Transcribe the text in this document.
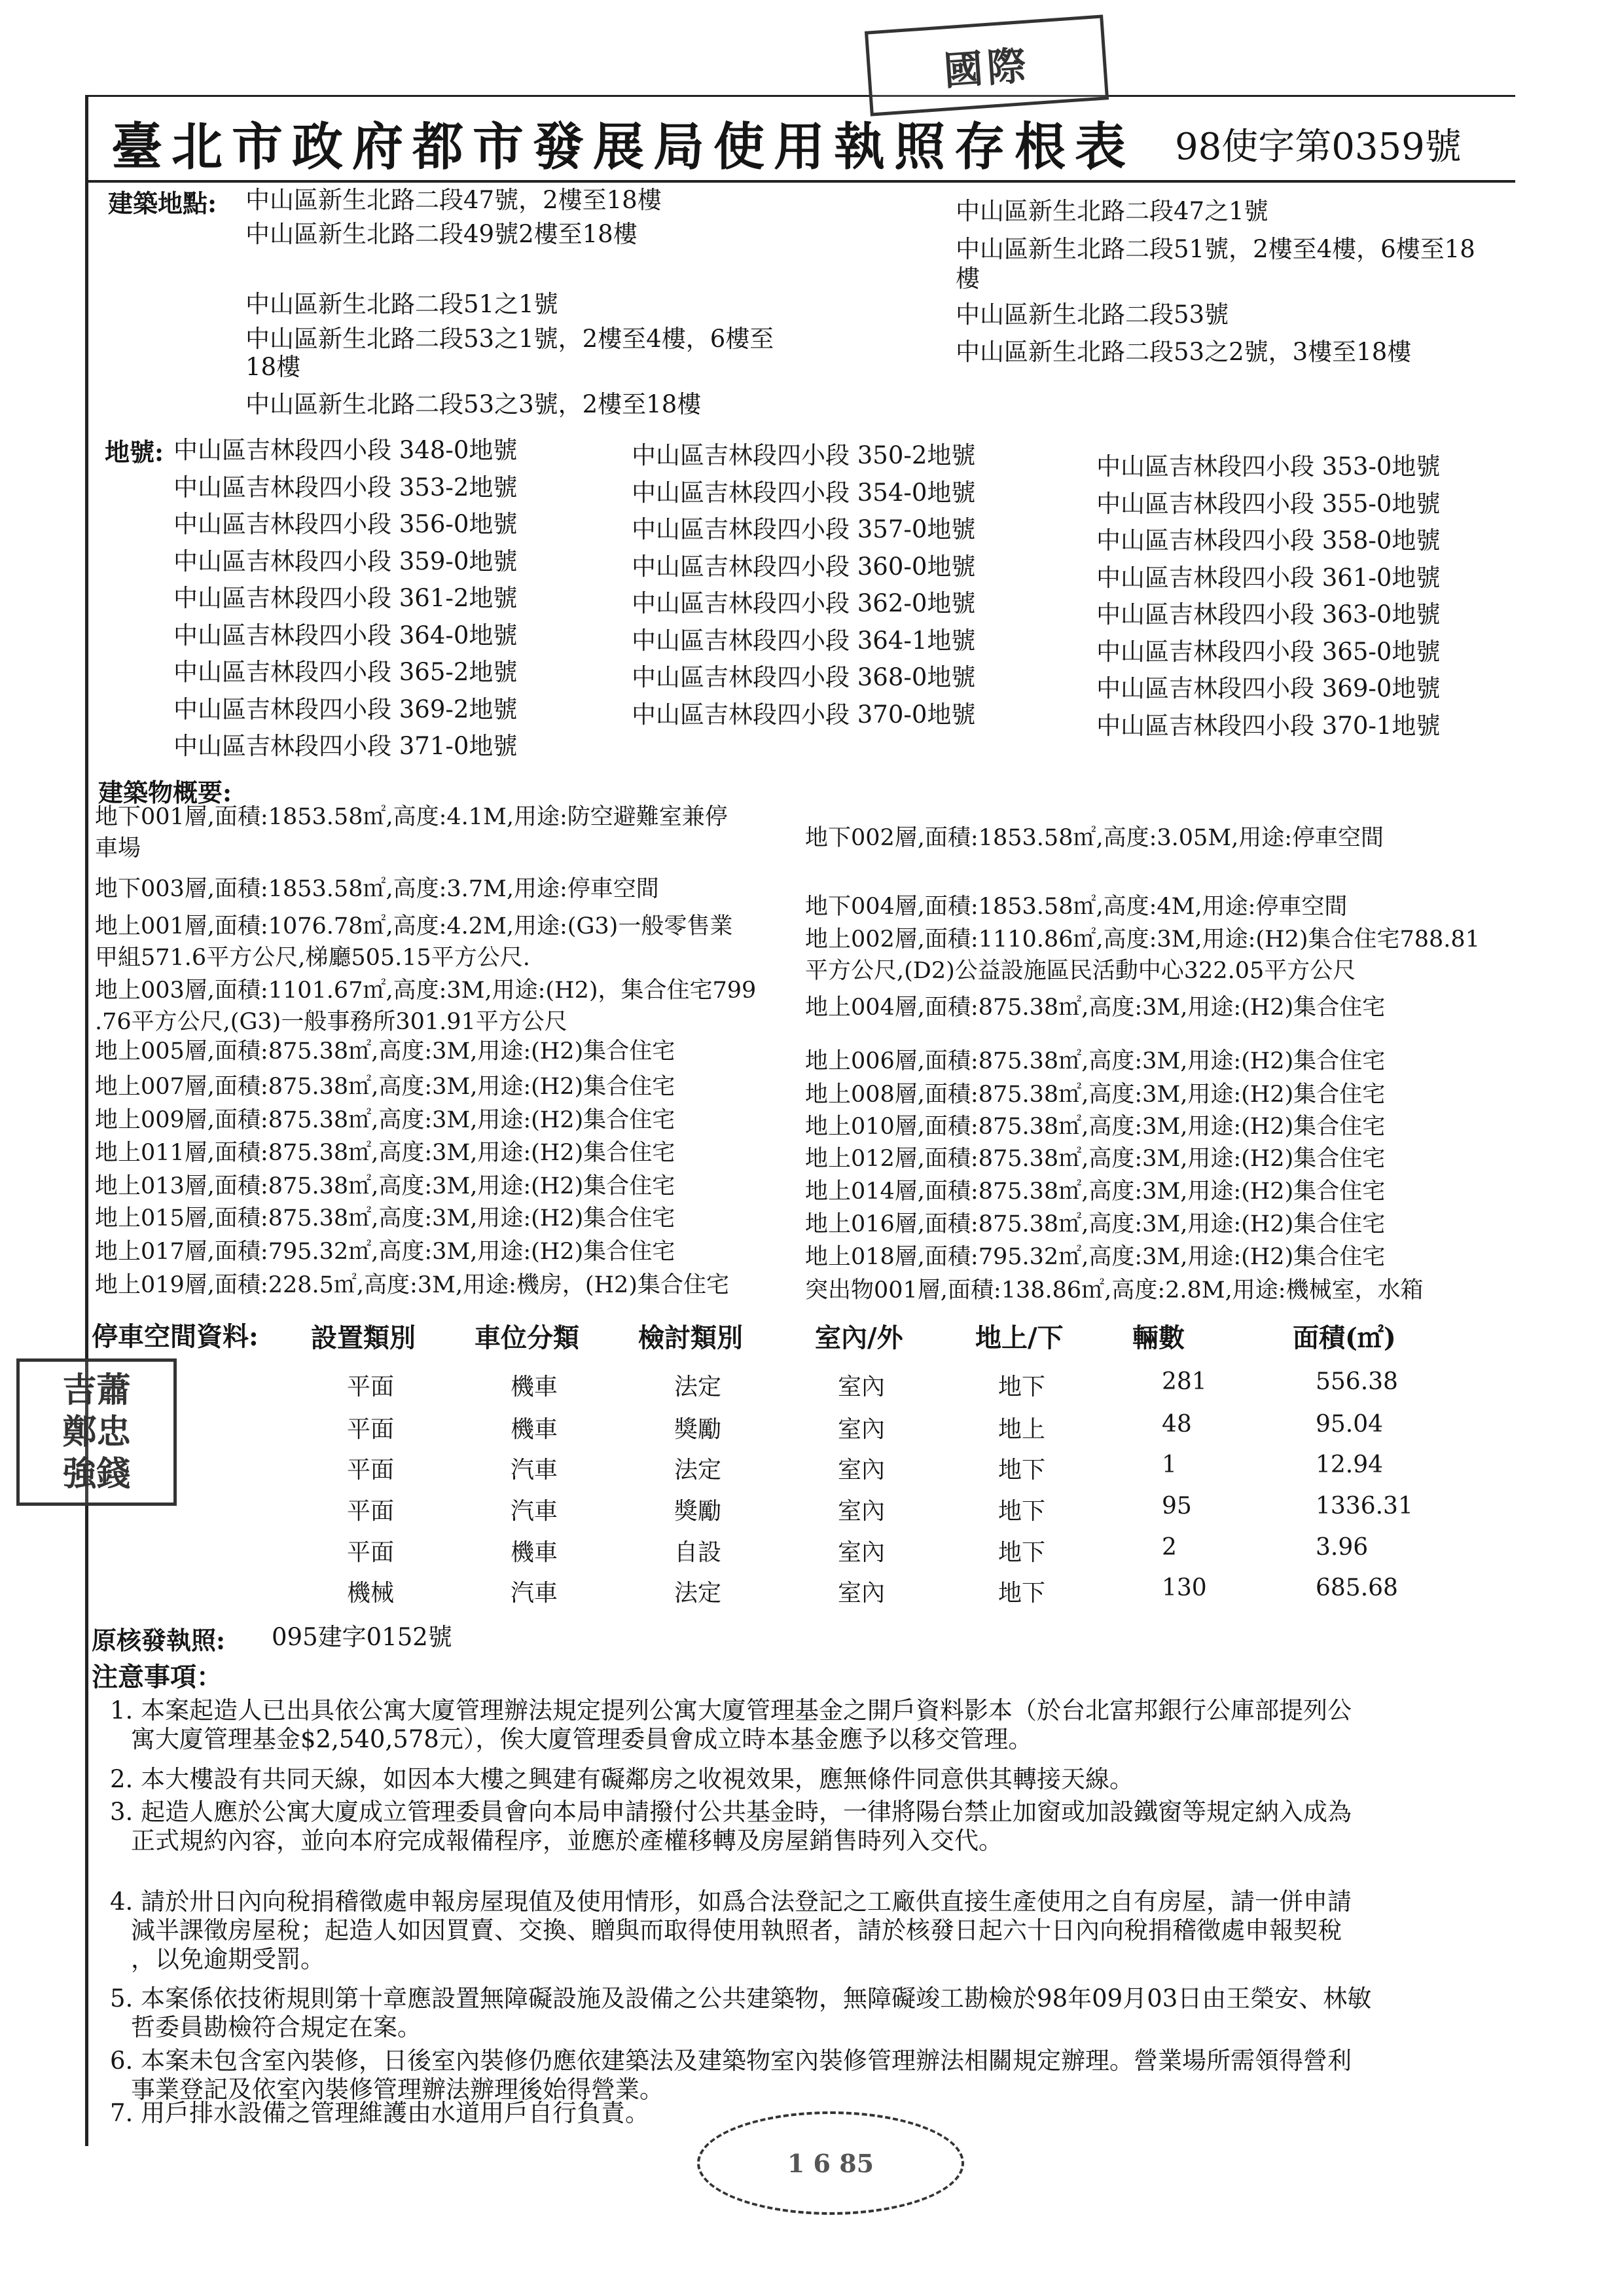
臺北市政府都市發展局使用執照存根表 98使字第0359號
國際
吉蕭
鄭忠
強錢
1 6 85
建築地點: 中山區新生北路二段47號，2樓至18樓
中山區新生北路二段49號2樓至18樓
中山區新生北路二段51之1號
中山區新生北路二段53之1號，2樓至4樓，6樓至
18樓
中山區新生北路二段53之3號，2樓至18樓
中山區新生北路二段47之1號
中山區新生北路二段51號，2樓至4樓，6樓至18
樓
中山區新生北路二段53號
中山區新生北路二段53之2號，3樓至18樓
地號: 中山區吉林段四小段 348-0地號
中山區吉林段四小段 353-2地號
中山區吉林段四小段 356-0地號
中山區吉林段四小段 359-0地號
中山區吉林段四小段 361-2地號
中山區吉林段四小段 364-0地號
中山區吉林段四小段 365-2地號
中山區吉林段四小段 369-2地號
中山區吉林段四小段 371-0地號
中山區吉林段四小段 350-2地號
中山區吉林段四小段 354-0地號
中山區吉林段四小段 357-0地號
中山區吉林段四小段 360-0地號
中山區吉林段四小段 362-0地號
中山區吉林段四小段 364-1地號
中山區吉林段四小段 368-0地號
中山區吉林段四小段 370-0地號
中山區吉林段四小段 353-0地號
中山區吉林段四小段 355-0地號
中山區吉林段四小段 358-0地號
中山區吉林段四小段 361-0地號
中山區吉林段四小段 363-0地號
中山區吉林段四小段 365-0地號
中山區吉林段四小段 369-0地號
中山區吉林段四小段 370-1地號
建築物概要:
地下001層,面積:1853.58㎡,高度:4.1M,用途:防空避難室兼停
車場
地下003層,面積:1853.58㎡,高度:3.7M,用途:停車空間
地上001層,面積:1076.78㎡,高度:4.2M,用途:(G3)一般零售業
甲組571.6平方公尺,梯廳505.15平方公尺.
地上003層,面積:1101.67㎡,高度:3M,用途:(H2)，集合住宅799
.76平方公尺,(G3)一般事務所301.91平方公尺
地上005層,面積:875.38㎡,高度:3M,用途:(H2)集合住宅
地上007層,面積:875.38㎡,高度:3M,用途:(H2)集合住宅
地上009層,面積:875.38㎡,高度:3M,用途:(H2)集合住宅
地上011層,面積:875.38㎡,高度:3M,用途:(H2)集合住宅
地上013層,面積:875.38㎡,高度:3M,用途:(H2)集合住宅
地上015層,面積:875.38㎡,高度:3M,用途:(H2)集合住宅
地上017層,面積:795.32㎡,高度:3M,用途:(H2)集合住宅
地上019層,面積:228.5㎡,高度:3M,用途:機房，(H2)集合住宅
地下002層,面積:1853.58㎡,高度:3.05M,用途:停車空間
地下004層,面積:1853.58㎡,高度:4M,用途:停車空間
地上002層,面積:1110.86㎡,高度:3M,用途:(H2)集合住宅788.81
平方公尺,(D2)公益設施區民活動中心322.05平方公尺
地上004層,面積:875.38㎡,高度:3M,用途:(H2)集合住宅
地上006層,面積:875.38㎡,高度:3M,用途:(H2)集合住宅
地上008層,面積:875.38㎡,高度:3M,用途:(H2)集合住宅
地上010層,面積:875.38㎡,高度:3M,用途:(H2)集合住宅
地上012層,面積:875.38㎡,高度:3M,用途:(H2)集合住宅
地上014層,面積:875.38㎡,高度:3M,用途:(H2)集合住宅
地上016層,面積:875.38㎡,高度:3M,用途:(H2)集合住宅
地上018層,面積:795.32㎡,高度:3M,用途:(H2)集合住宅
突出物001層,面積:138.86㎡,高度:2.8M,用途:機械室，水箱
停車空間資料: 設置類別 車位分類 檢討類別	室內/外	地上/下	輛數	面積(㎡)
平面	機車	法定	室內	地下	281	556.38
平面	機車	獎勵	室內	地上	48	95.04
平面	汽車	法定	室內	地下	1	12.94
平面	汽車	獎勵	室內	地下	95	1336.31
平面	機車	自設	室內	地下	2	3.96
機械	汽車	法定	室內	地下	130	685.68
原核發執照: 095建字0152號
注意事項：
1. 本案起造人已出具依公寓大廈管理辦法規定提列公寓大廈管理基金之開戶資料影本（於台北富邦銀行公庫部提列公
寓大廈管理基金$2,540,578元），俟大廈管理委員會成立時本基金應予以移交管理。
2. 本大樓設有共同天線，如因本大樓之興建有礙鄰房之收視效果，應無條件同意供其轉接天線。
3. 起造人應於公寓大廈成立管理委員會向本局申請撥付公共基金時，一律將陽台禁止加窗或加設鐵窗等規定納入成為
正式規約內容，並向本府完成報備程序，並應於產權移轉及房屋銷售時列入交代。
4. 請於卅日內向稅捐稽徵處申報房屋現值及使用情形，如爲合法登記之工廠供直接生產使用之自有房屋，請一併申請
減半課徵房屋稅；起造人如因買賣、交換、贈與而取得使用執照者，請於核發日起六十日內向稅捐稽徵處申報契稅
，以免逾期受罰。
5. 本案係依技術規則第十章應設置無障礙設施及設備之公共建築物，無障礙竣工勘檢於98年09月03日由王榮安、林敏
哲委員勘檢符合規定在案。
6. 本案未包含室內裝修，日後室內裝修仍應依建築法及建築物室內裝修管理辦法相關規定辦理。營業場所需領得營利
事業登記及依室內裝修管理辦法辦理後始得營業。
7. 用戶排水設備之管理維護由水道用戶自行負責。
